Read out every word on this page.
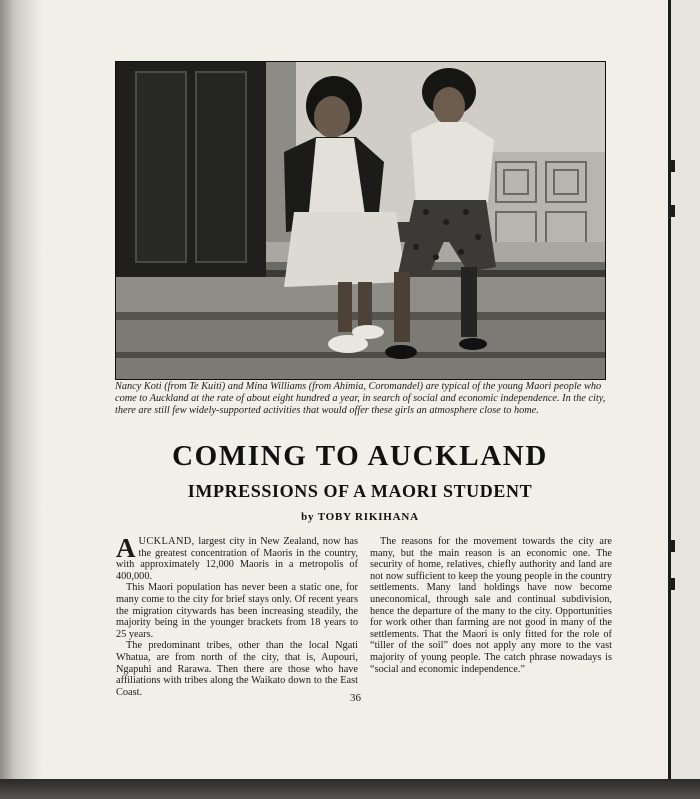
Nancy Koti (from Te Kuiti) and Mina Williams (from Ahimia, Coromandel) are typical of the young Maori people who come to Auckland at the rate of about eight hundred a year, in search of social and economic independence. In the city, there are still few widely-supported activities that would offer these girls an atmosphere close to home.
COMING TO AUCKLAND
IMPRESSIONS OF A MAORI STUDENT
by TOBY RIKIHANA

AUCKLAND, largest city in New Zealand, now has the greatest concentration of Maoris in the country, with approximately 12,000 Maoris in a metropolis of 400,000.

This Maori population has never been a static one, for many come to the city for brief stays only. Of recent years the migration citywards has been increasing steadily, the majority being in the younger brackets from 18 years to 25 years.

The predominant tribes, other than the local Ngati Whatua, are from north of the city, that is, Aupouri, Ngapuhi and Rarawa. Then there are those who have affiliations with tribes along the Waikato down to the East Coast.

The reasons for the movement towards the city are many, but the main reason is an economic one. The security of home, relatives, chiefly authority and land are not now sufficient to keep the young people in the country settlements. Many land holdings have now become uneconomical, through sale and continual subdivision, hence the departure of the many to the city. Opportunities for work other than farming are not good in many of the settlements. That the Maori is only fitted for the role of “tiller of the soil” does not apply any more to the vast majority of young people. The catch phrase nowadays is “social and economic independence.”

36
